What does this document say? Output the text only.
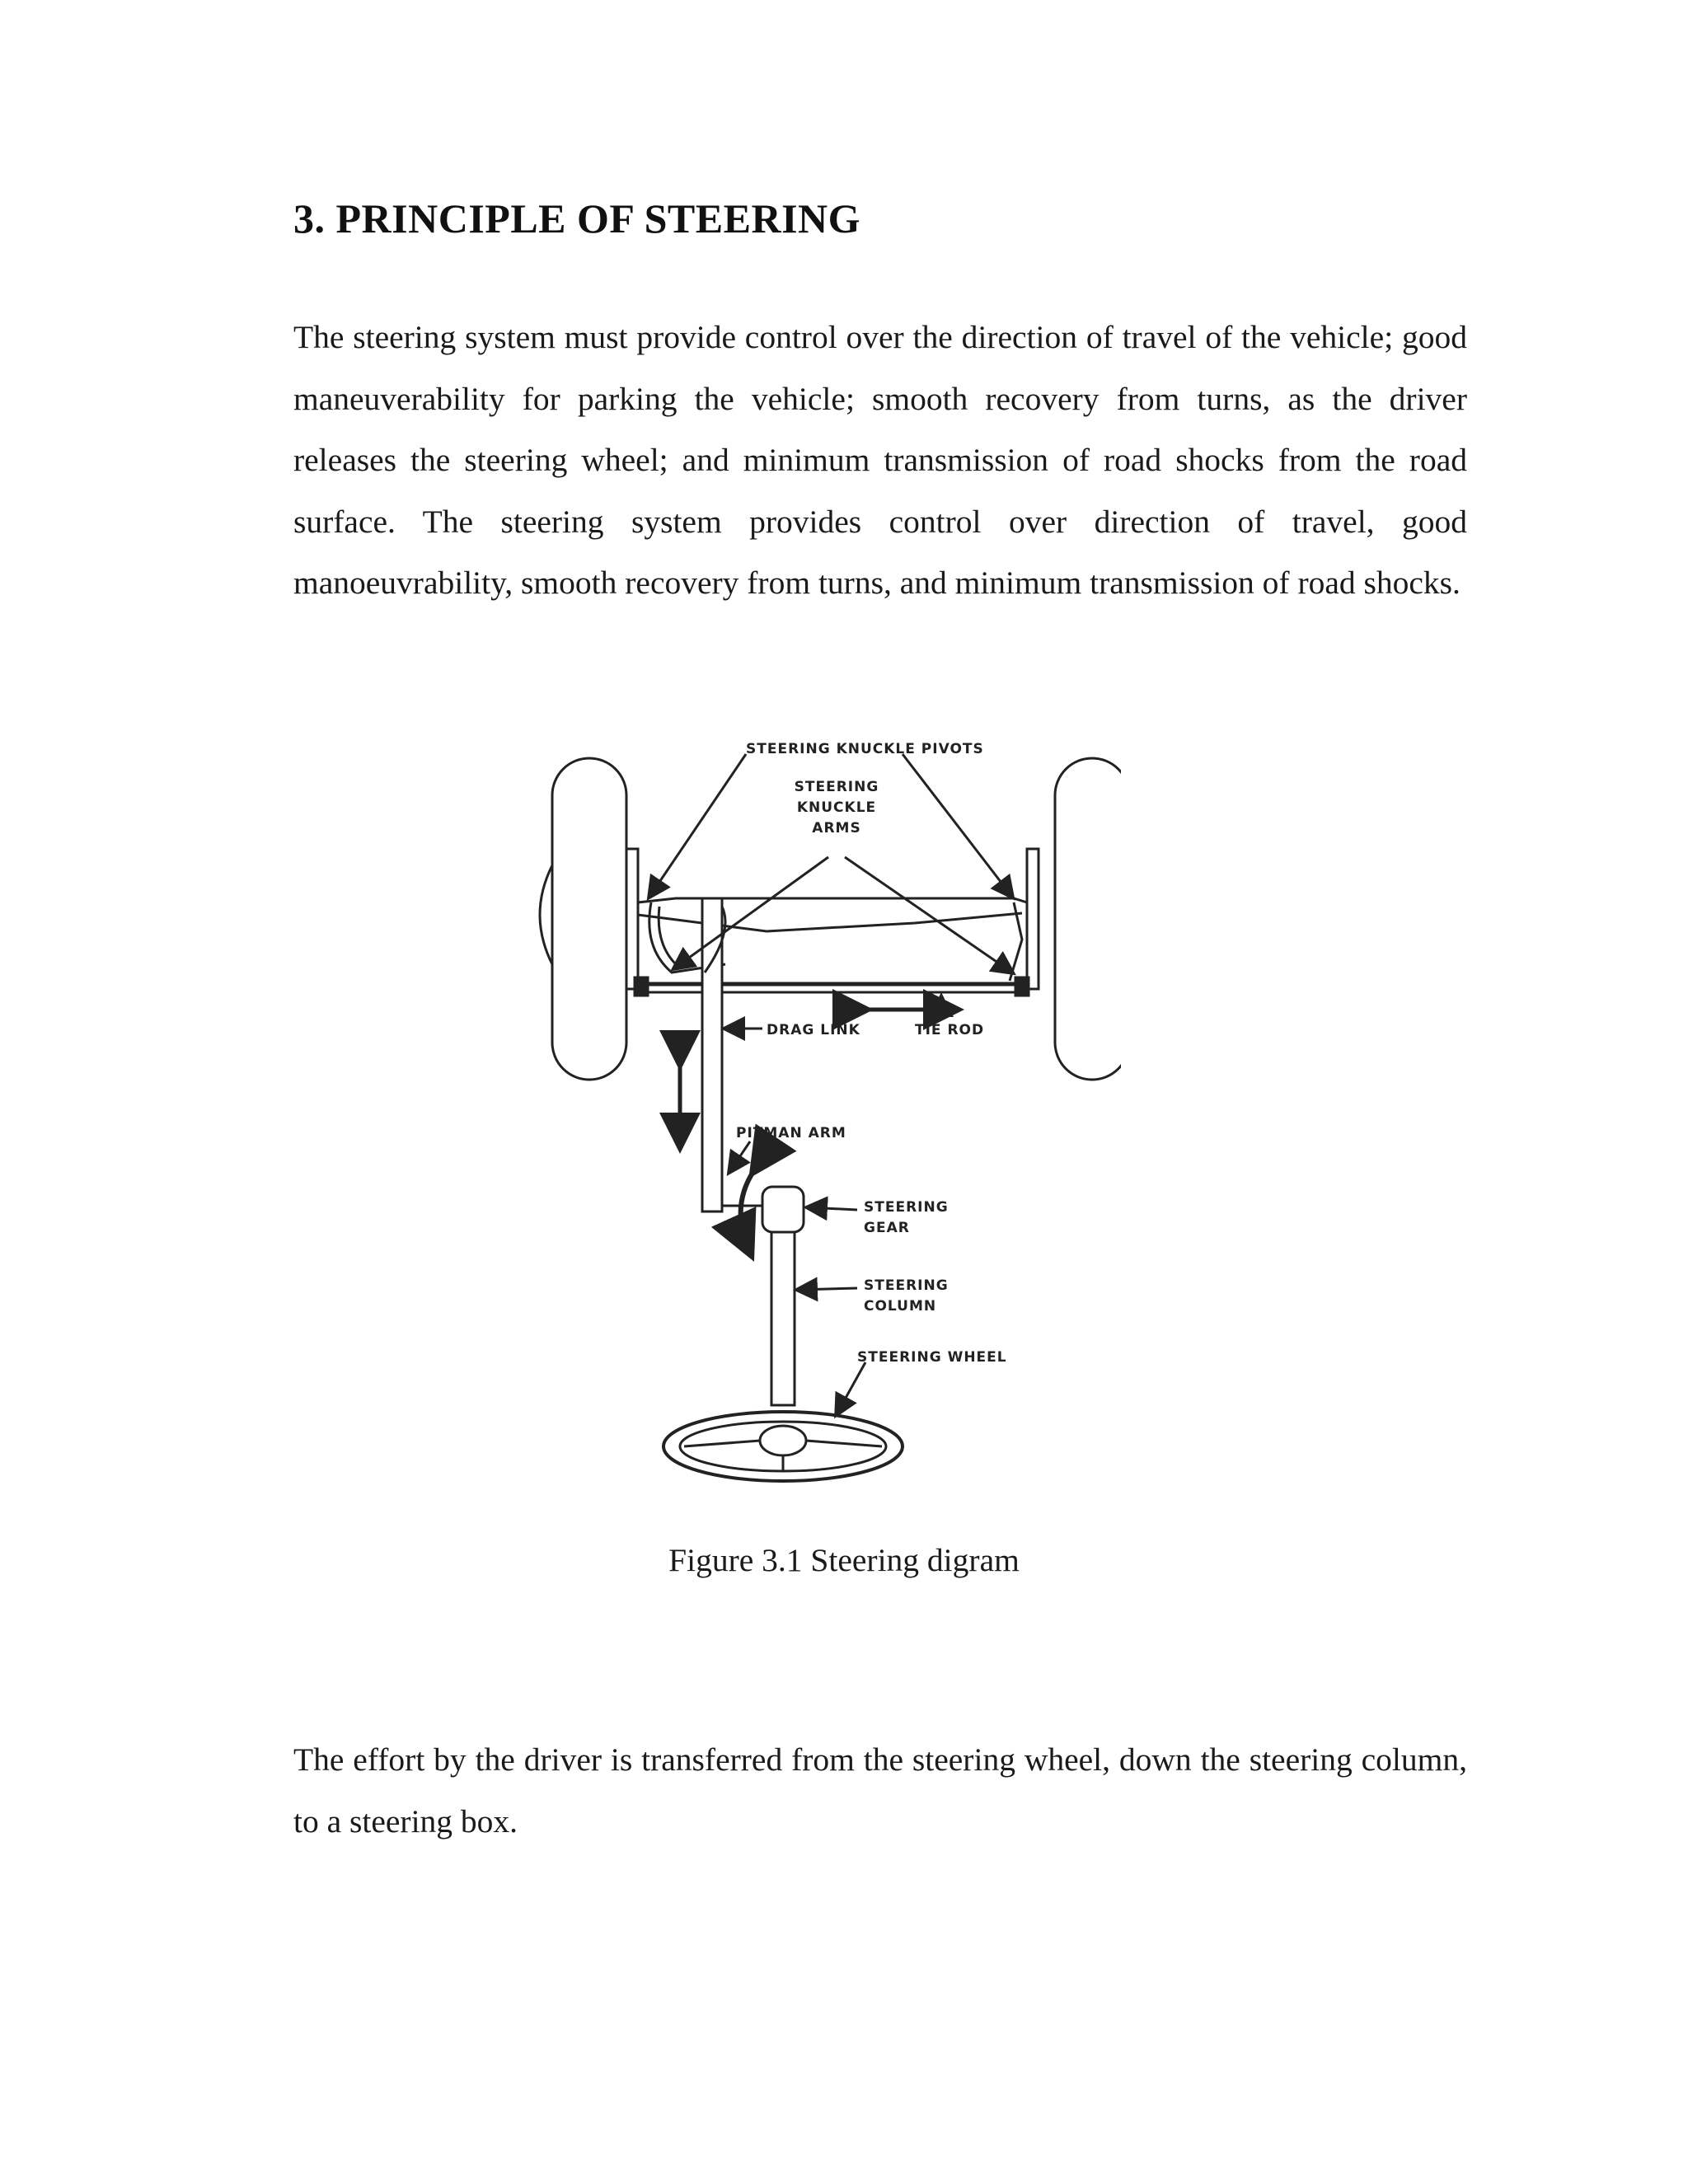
3. PRINCIPLE OF STEERING

The steering system must provide control over the direction of travel of the vehicle; good maneuverability for parking the vehicle; smooth recovery from turns, as the driver releases the steering wheel; and minimum transmission of road shocks from the road surface. The steering system provides control over direction of travel, good manoeuvrability, smooth recovery from turns, and minimum transmission of road shocks.

STEERING KNUCKLE PIVOTS
STEERING
KNUCKLE
ARMS
DRAG LINK	TIE ROD
PITMAN ARM
STEERING
GEAR
STEERING
COLUMN
STEERING WHEEL

Figure 3.1 Steering digram

The effort by the driver is transferred from the steering wheel, down the steering column, to a steering box.
